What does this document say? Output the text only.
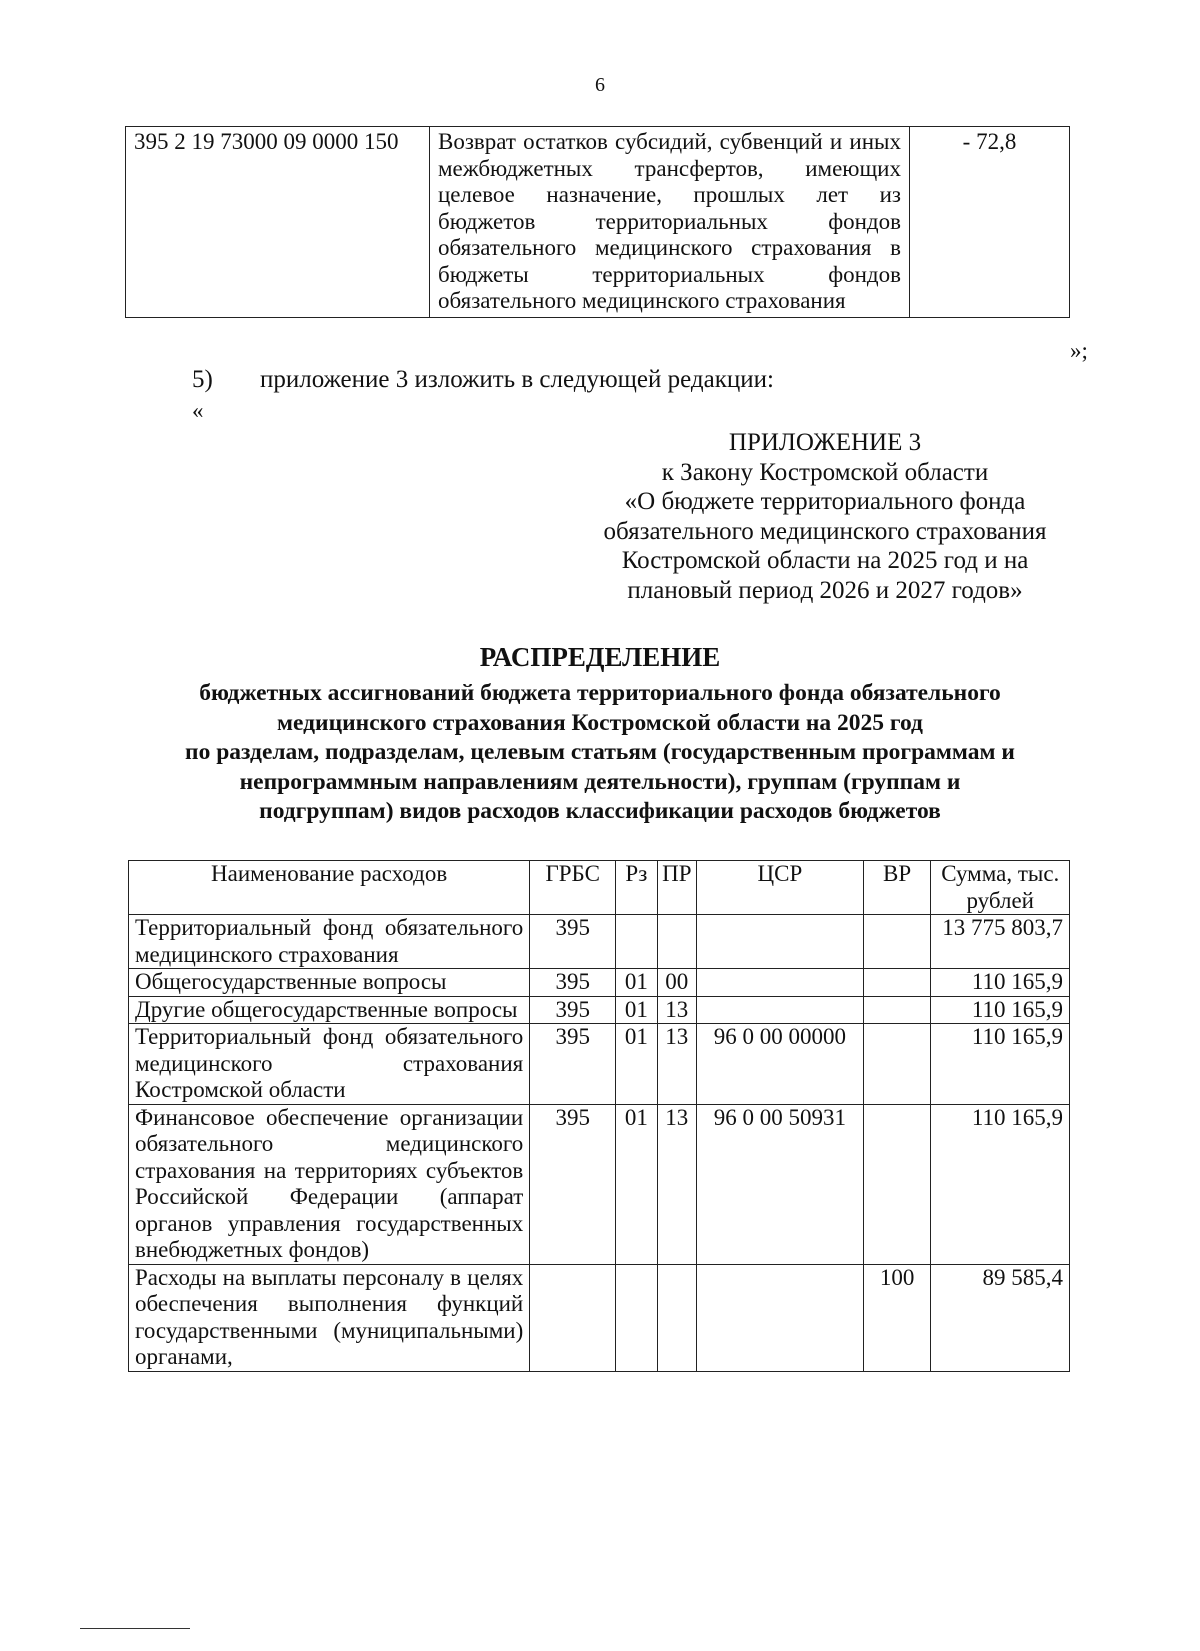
6
395 2 19 73000 09 0000 150	Возврат остатков субсидий, субвенций и иных межбюджетных трансфертов, имеющих целевое назначение, прошлых лет из бюджетов территориальных фондов обязательного медицинского страхования в бюджеты территориальных фондов обязательного медицинского страхования	- 72,8
»;
5) приложение 3 изложить в следующей редакции:
«
ПРИЛОЖЕНИЕ 3
к Закону Костромской области
«О бюджете территориального фонда
обязательного медицинского страхования
Костромской области на 2025 год и на
плановый период 2026 и 2027 годов»
РАСПРЕДЕЛЕНИЕ
бюджетных ассигнований бюджета территориального фонда обязательного
медицинского страхования Костромской области на 2025 год
по разделам, подразделам, целевым статьям (государственным программам и
непрограммным направлениям деятельности), группам (группам и
подгруппам) видов расходов классификации расходов бюджетов
Наименование расходов	ГРБС	Рз	ПР	ЦСР	ВР	Сумма, тыс. рублей
Территориальный фонд обязательного медицинского страхования	395					13 775 803,7
Общегосударственные вопросы	395	01	00			110 165,9
Другие общегосударственные вопросы	395	01	13			110 165,9
Территориальный фонд обязательного медицинского страхования Костромской области	395	01	13	96 0 00 00000		110 165,9
Финансовое обеспечение организации обязательного медицинского страхования на территориях субъектов Российской Федерации (аппарат органов управления государственных внебюджетных фондов)	395	01	13	96 0 00 50931		110 165,9
Расходы на выплаты персоналу в целях обеспечения выполнения функций государственными (муниципальными) органами,					100	89 585,4
